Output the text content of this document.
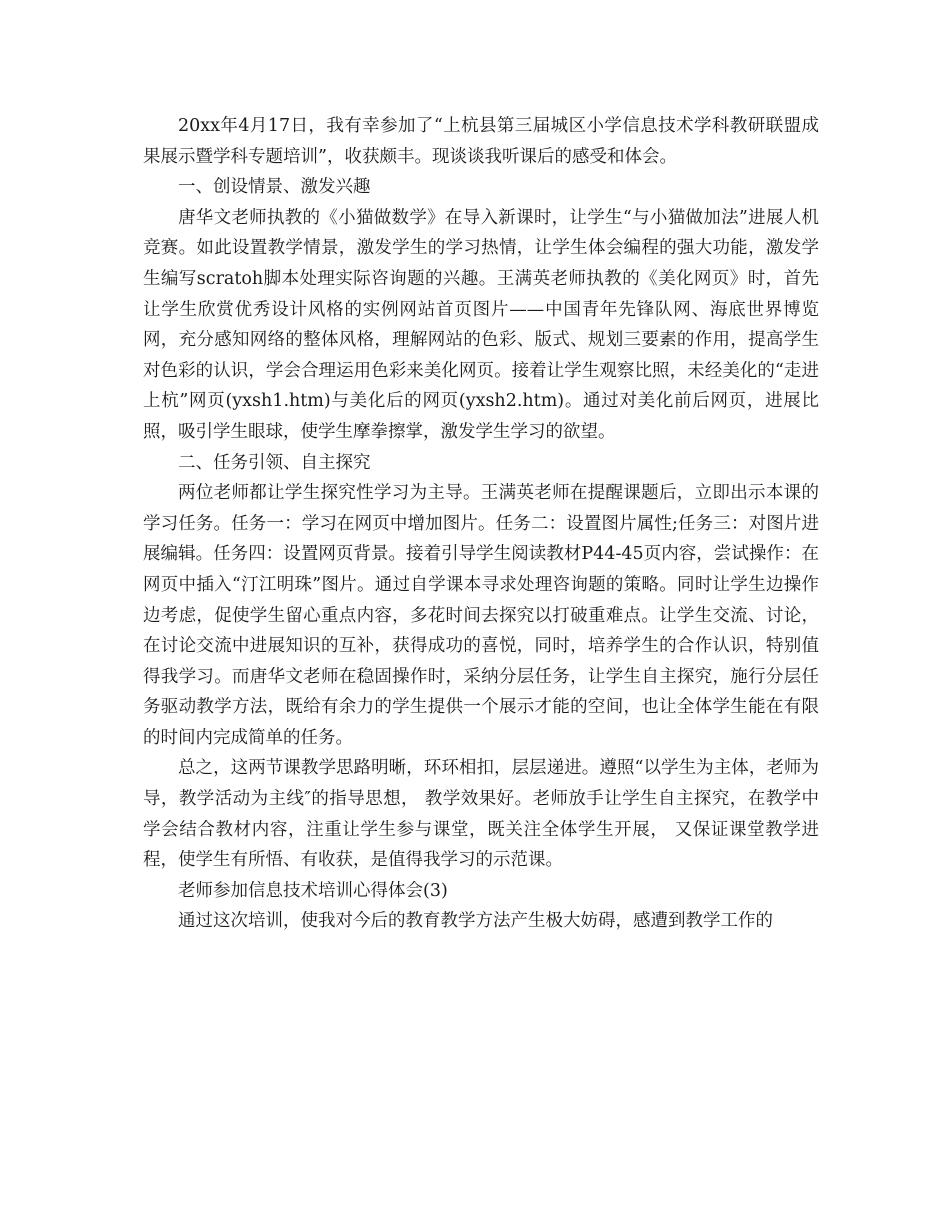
20xx年4月17日，我有幸参加了“上杭县第三届城区小学信息技术学科教研联盟成果展示暨学科专题培训”，收获颇丰。现谈谈我听课后的感受和体会。

一、创设情景、激发兴趣

唐华文老师执教的《小猫做数学》在导入新课时，让学生“与小猫做加法”进展人机竞赛。如此设置教学情景，激发学生的学习热情，让学生体会编程的强大功能，激发学生编写scratoh脚本处理实际咨询题的兴趣。王满英老师执教的《美化网页》时，首先让学生欣赏优秀设计风格的实例网站首页图片——中国青年先锋队网、海底世界博览网，充分感知网络的整体风格，理解网站的色彩、版式、规划三要素的作用，提高学生对色彩的认识，学会合理运用色彩来美化网页。接着让学生观察比照，未经美化的“走进上杭”网页(yxsh1.htm)与美化后的网页(yxsh2.htm)。通过对美化前后网页，进展比照，吸引学生眼球，使学生摩拳擦掌，激发学生学习的欲望。

二、任务引领、自主探究

两位老师都让学生探究性学习为主导。王满英老师在提醒课题后，立即出示本课的学习任务。任务一：学习在网页中增加图片。任务二：设置图片属性;任务三：对图片进展编辑。任务四：设置网页背景。接着引导学生阅读教材P44-45页内容，尝试操作：在网页中插入“汀江明珠”图片。通过自学课本寻求处理咨询题的策略。同时让学生边操作边考虑，促使学生留心重点内容，多花时间去探究以打破重难点。让学生交流、讨论，在讨论交流中进展知识的互补，获得成功的喜悦，同时，培养学生的合作认识，特别值得我学习。而唐华文老师在稳固操作时，采纳分层任务，让学生自主探究，施行分层任务驱动教学方法，既给有余力的学生提供一个展示才能的空间，也让全体学生能在有限的时间内完成简单的任务。

总之，这两节课教学思路明晰，环环相扣，层层递进。遵照“以学生为主体，老师为导，教学活动为主线″的指导思想， 教学效果好。老师放手让学生自主探究，在教学中学会结合教材内容，注重让学生参与课堂，既关注全体学生开展， 又保证课堂教学进程，使学生有所悟、有收获，是值得我学习的示范课。

老师参加信息技术培训心得体会(3)

通过这次培训，使我对今后的教育教学方法产生极大妨碍，感遭到教学工作的
